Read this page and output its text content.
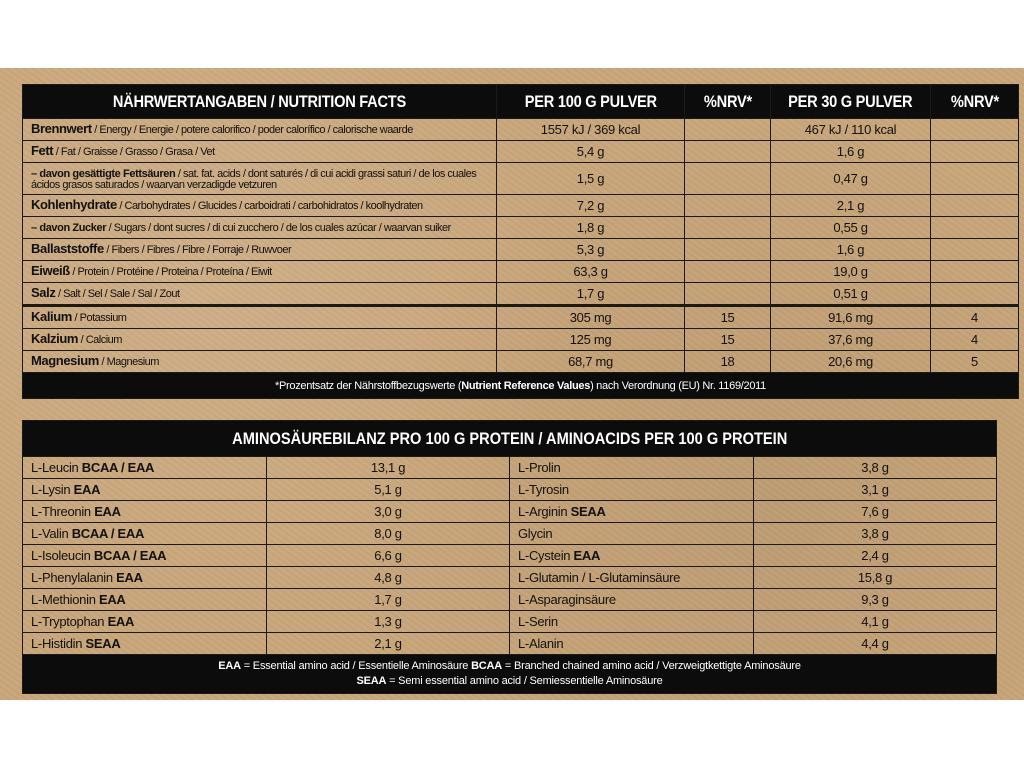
NÄHRWERTANGABEN / NUTRITION FACTS	PER 100 G PULVER	%NRV*	PER 30 G PULVER	%NRV*
Brennwert / Energy / Energie / potere calorifico / poder calorífico / calorische waarde	1557 kJ / 369 kcal		467 kJ / 110 kcal	
Fett / Fat / Graisse / Grasso / Grasa / Vet	5,4 g		1,6 g	
– davon gesättigte Fettsäuren / sat. fat. acids / dont saturés / di cui acidi grassi saturi / de los cuales ácidos grasos saturados / waarvan verzadigde vetzuren	1,5 g		0,47 g	
Kohlenhydrate / Carbohydrates / Glucides / carboidrati / carbohidratos / koolhydraten	7,2 g		2,1 g	
– davon Zucker / Sugars / dont sucres / di cui zucchero / de los cuales azúcar / waarvan suiker	1,8 g		0,55 g	
Ballaststoffe / Fibers / Fibres / Fibre / Forraje / Ruwvoer	5,3 g		1,6 g	
Eiweiß / Protein / Protéine / Proteina / Proteína / Eiwit	63,3 g		19,0 g	
Salz / Salt / Sel / Sale / Sal / Zout	1,7 g		0,51 g	
Kalium / Potassium	305 mg	15	91,6 mg	4
Kalzium / Calcium	125 mg	15	37,6 mg	4
Magnesium / Magnesium	68,7 mg	18	20,6 mg	5
*Prozentsatz der Nährstoffbezugswerte (Nutrient Reference Values) nach Verordnung (EU) Nr. 1169/2011				
AMINOSÄUREBILANZ PRO 100 G PROTEIN / AMINOACIDS PER 100 G PROTEIN			
L-Leucin BCAA / EAA	13,1 g	L-Prolin	3,8 g
L-Lysin EAA	5,1 g	L-Tyrosin	3,1 g
L-Threonin EAA	3,0 g	L-Arginin SEAA	7,6 g
L-Valin BCAA / EAA	8,0 g	Glycin	3,8 g
L-Isoleucin BCAA / EAA	6,6 g	L-Cystein EAA	2,4 g
L-Phenylalanin EAA	4,8 g	L-Glutamin / L-Glutaminsäure	15,8 g
L-Methionin EAA	1,7 g	L-Asparaginsäure	9,3 g
L-Tryptophan EAA	1,3 g	L-Serin	4,1 g
L-Histidin SEAA	2,1 g	L-Alanin	4,4 g
EAA = Essential amino acid / Essentielle Aminosäure BCAA = Branched chained amino acid / Verzweigtkettigte Aminosäure
SEAA = Semi essential amino acid / Semiessentielle Aminosäure			
